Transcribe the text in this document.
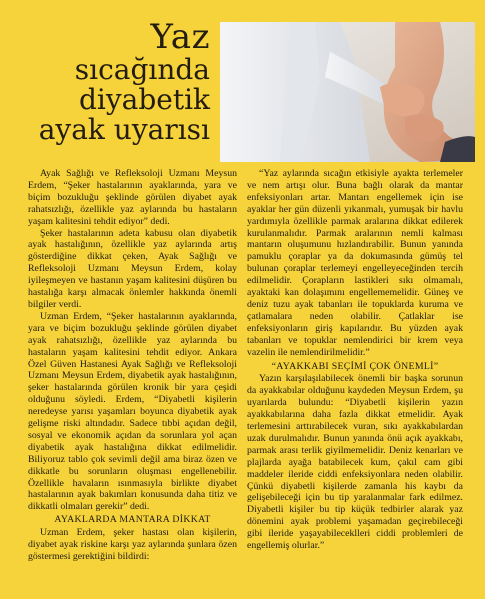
Yaz
sıcağında
diyabetik
ayak uyarısı

Ayak Sağlığı ve Refleksoloji Uzmanı Meysun Erdem, “Şeker hastalarının ayaklarında, yara ve biçim bozukluğu şeklinde görülen diyabet ayak rahatsızlığı, özellikle yaz aylarında bu hastaların yaşam kalitesini tehdit ediyor” dedi.

Şeker hastalarının adeta kabusu olan diyabetik ayak hastalığının, özellikle yaz aylarında artış gösterdiğine dikkat çeken, Ayak Sağlığı ve Refleksoloji Uzmanı Meysun Erdem, kolay iyileşmeyen ve hastanın yaşam kalitesini düşüren bu hastalığa karşı almacak önlemler hakkında önemli bilgiler verdi.

Uzman Erdem, “Şeker hastalarının ayaklarında, yara ve biçim bozukluğu şeklinde görülen diyabet ayak rahatsızlığı, özellikle yaz aylarında bu hastaların yaşam kalitesini tehdit ediyor. Ankara Özel Güven Hastanesi Ayak Sağlığı ve Refleksoloji Uzmanı Meysun Erdem, diyabetik ayak hastalığının, şeker hastalarında görülen kronik bir yara çeşidi olduğunu söyledi. Erdem, “Diyabetli kişilerin neredeyse yarısı yaşamları boyunca diyabetik ayak gelişme riski altındadır. Sadece tıbbi açıdan değil, sosyal ve ekonomik açıdan da sorunlara yol açan diyabetik ayak hastalığına dikkat edilmelidir. Biliyoruz tablo çok sevimli değil ama biraz özen ve dikkatle bu sorunların oluşması engellenebilir. Özellikle havaların ısınmasıyla birlikte diyabet hastalarının ayak bakımları konusunda daha titiz ve dikkatli olmaları gerekir” dedi.

AYAKLARDA MANTARA DİKKAT

Uzman Erdem, şeker hastası olan kişilerin, diyabet ayak riskine karşı yaz aylarında şunlara özen göstermesi gerektiğini bildirdi:

“Yaz aylarında sıcağın etkisiyle ayakta terlemeler ve nem artışı olur. Buna bağlı olarak da mantar enfeksiyonları artar. Mantarı engellemek için ise ayaklar her gün düzenli yıkanmalı, yumuşak bir havlu yardımıyla özellikle parmak aralarına dikkat edilerek kurulanmalıdır. Parmak aralarının nemli kalması mantarın oluşumunu hızlandırabilir. Bunun yanında pamuklu çoraplar ya da dokumasında gümüş tel bulunan çoraplar terlemeyi engelleyeceğinden tercih edilmelidir. Çorapların lastikleri sıkı olmamalı, ayaktaki kan dolaşımını engellememelidir. Güneş ve deniz tuzu ayak tabanları ile topuklarda kuruma ve çatlamalara neden olabilir. Çatlaklar ise enfeksiyonların giriş kapılarıdır. Bu yüzden ayak tabanları ve topuklar nemlendirici bir krem veya vazelin ile nemlendirilmelidir.”

“AYAKKABI SEÇİMİ ÇOK ÖNEMLİ”

Yazın karşılaşılabilecek önemli bir başka sorunun da ayakkabılar olduğunu kaydeden Meysun Erdem, şu uyarılarda bulundu: “Diyabetli kişilerin yazın ayakkabılarına daha fazla dikkat etmelidir. Ayak terlemesini arttırabilecek vuran, sıkı ayakkabılardan uzak durulmalıdır. Bunun yanında önü açık ayakkabı, parmak arası terlik giyilmemelidir. Deniz kenarları ve plajlarda ayağa batabilecek kum, çakıl cam gibi maddeler ileride ciddi enfeksiyonlara neden olabilir. Çünkü diyabetli kişilerde zamanla his kaybı da gelişebileceği için bu tip yaralanmalar fark edilmez. Diyabetli kişiler bu tip küçük tedbirler alarak yaz dönemini ayak problemi yaşamadan geçirebileceği gibi ileride yaşayabileceklleri ciddi problemleri de engellemiş olurlar.”
